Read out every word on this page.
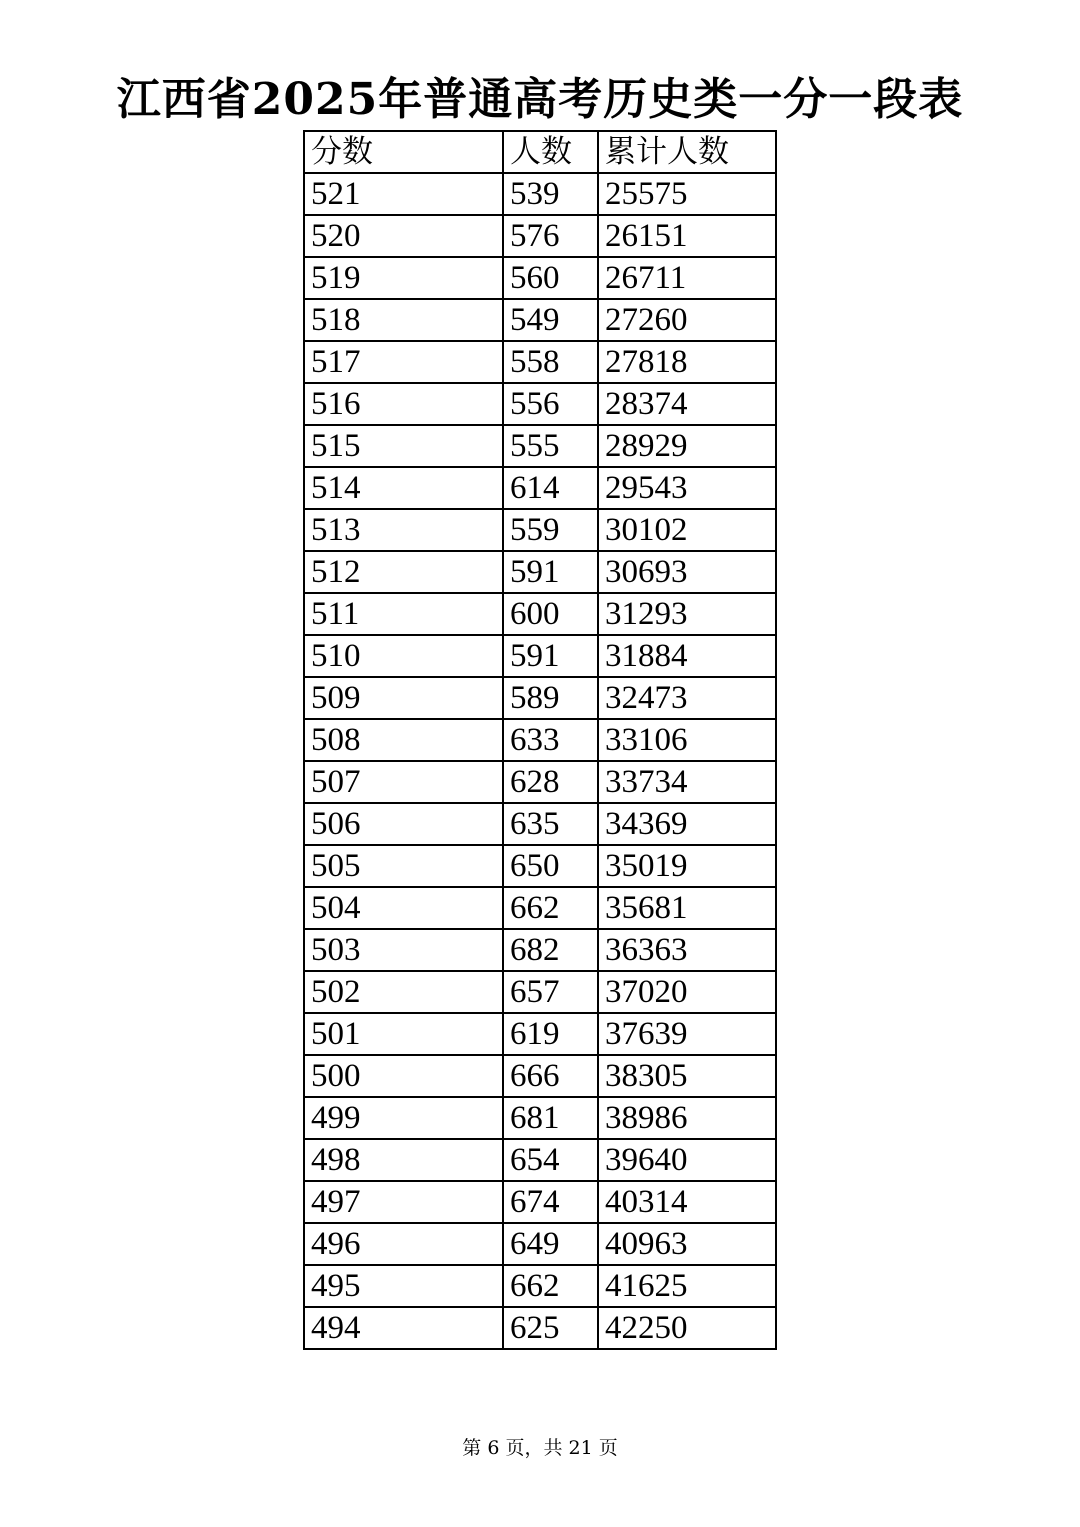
江西省2025年普通高考历史类一分一段表
分数	人数	累计人数
521	539	25575
520	576	26151
519	560	26711
518	549	27260
517	558	27818
516	556	28374
515	555	28929
514	614	29543
513	559	30102
512	591	30693
511	600	31293
510	591	31884
509	589	32473
508	633	33106
507	628	33734
506	635	34369
505	650	35019
504	662	35681
503	682	36363
502	657	37020
501	619	37639
500	666	38305
499	681	38986
498	654	39640
497	674	40314
496	649	40963
495	662	41625
494	625	42250
第 6 页，共 21 页
